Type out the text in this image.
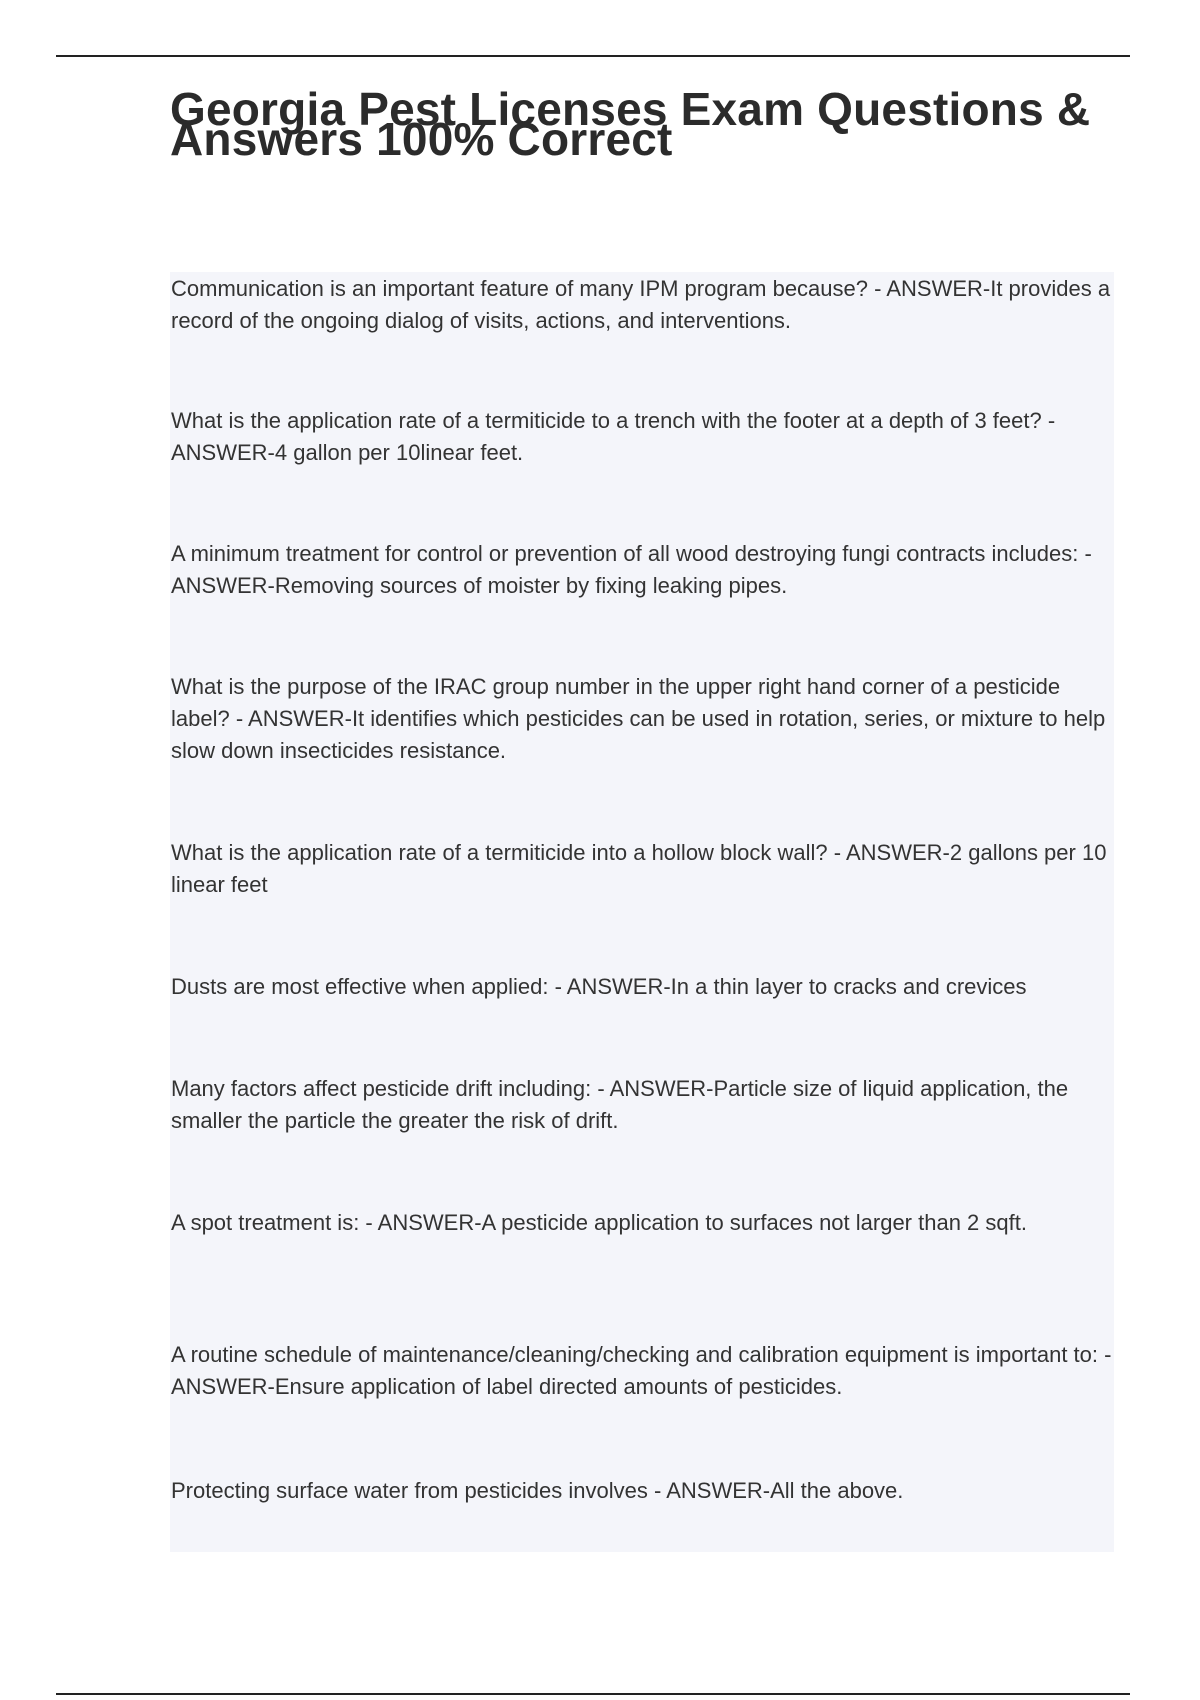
Georgia Pest Licenses Exam Questions & Answers 100% Correct

Communication is an important feature of many IPM program because? - ANSWER-It provides a record of the ongoing dialog of visits, actions, and interventions.

What is the application rate of a termiticide to a trench with the footer at a depth of 3 feet? - ANSWER-4 gallon per 10linear feet.

A minimum treatment for control or prevention of all wood destroying fungi contracts includes: - ANSWER-Removing sources of moister by fixing leaking pipes.

What is the purpose of the IRAC group number in the upper right hand corner of a pesticide label? - ANSWER-It identifies which pesticides can be used in rotation, series, or mixture to help slow down insecticides resistance.

What is the application rate of a termiticide into a hollow block wall? - ANSWER-2 gallons per 10 linear feet

Dusts are most effective when applied: - ANSWER-In a thin layer to cracks and crevices

Many factors affect pesticide drift including: - ANSWER-Particle size of liquid application, the smaller the particle the greater the risk of drift.

A spot treatment is: - ANSWER-A pesticide application to surfaces not larger than 2 sqft.

A routine schedule of maintenance/cleaning/checking and calibration equipment is important to: - ANSWER-Ensure application of label directed amounts of pesticides.

Protecting surface water from pesticides involves - ANSWER-All the above.
